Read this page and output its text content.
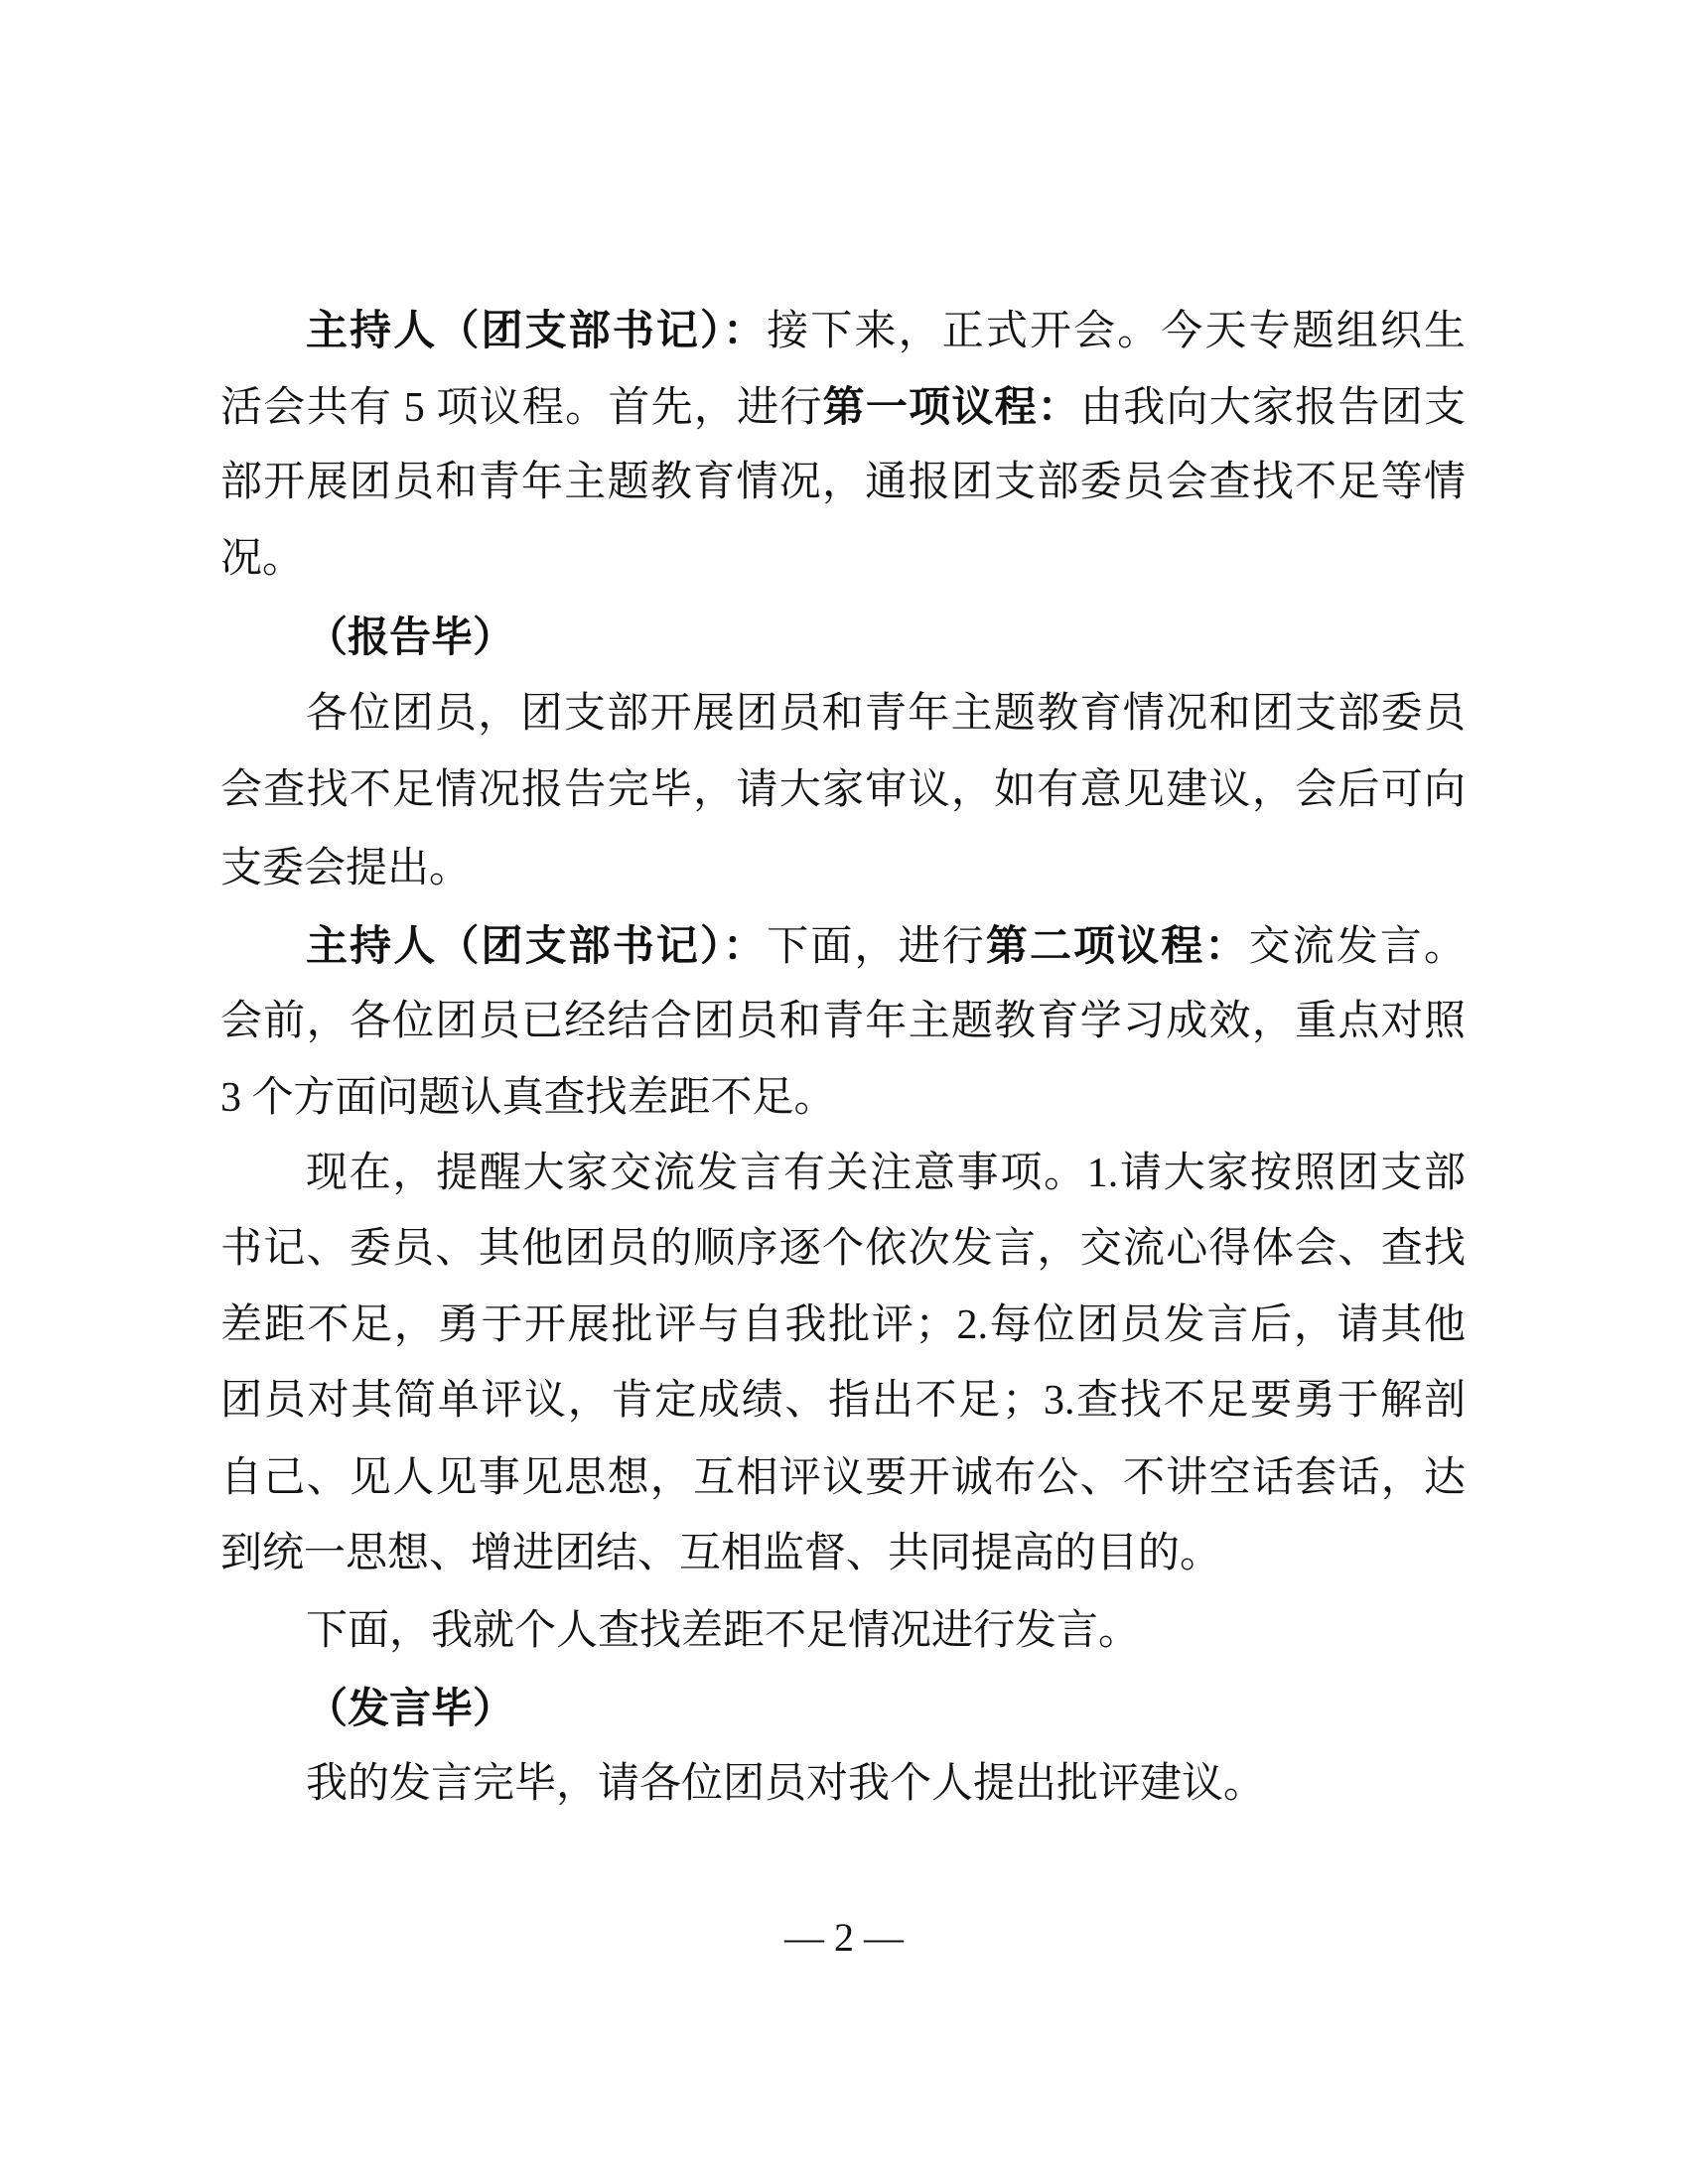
主持人（团支部书记）：接下来，正式开会。今天专题组织生
活会共有 5 项议程。首先，进行第一项议程：由我向大家报告团支
部开展团员和青年主题教育情况，通报团支部委员会查找不足等情
况。
（报告毕）
各位团员，团支部开展团员和青年主题教育情况和团支部委员
会查找不足情况报告完毕，请大家审议，如有意见建议，会后可向
支委会提出。
主持人（团支部书记）：下面，进行第二项议程：交流发言。
会前，各位团员已经结合团员和青年主题教育学习成效，重点对照
3 个方面问题认真查找差距不足。
现在，提醒大家交流发言有关注意事项。1.请大家按照团支部
书记、委员、其他团员的顺序逐个依次发言，交流心得体会、查找
差距不足，勇于开展批评与自我批评；2.每位团员发言后，请其他
团员对其简单评议，肯定成绩、指出不足；3.查找不足要勇于解剖
自己、见人见事见思想，互相评议要开诚布公、不讲空话套话，达
到统一思想、增进团结、互相监督、共同提高的目的。
下面，我就个人查找差距不足情况进行发言。
（发言毕）
我的发言完毕，请各位团员对我个人提出批评建议。
— 2 —
